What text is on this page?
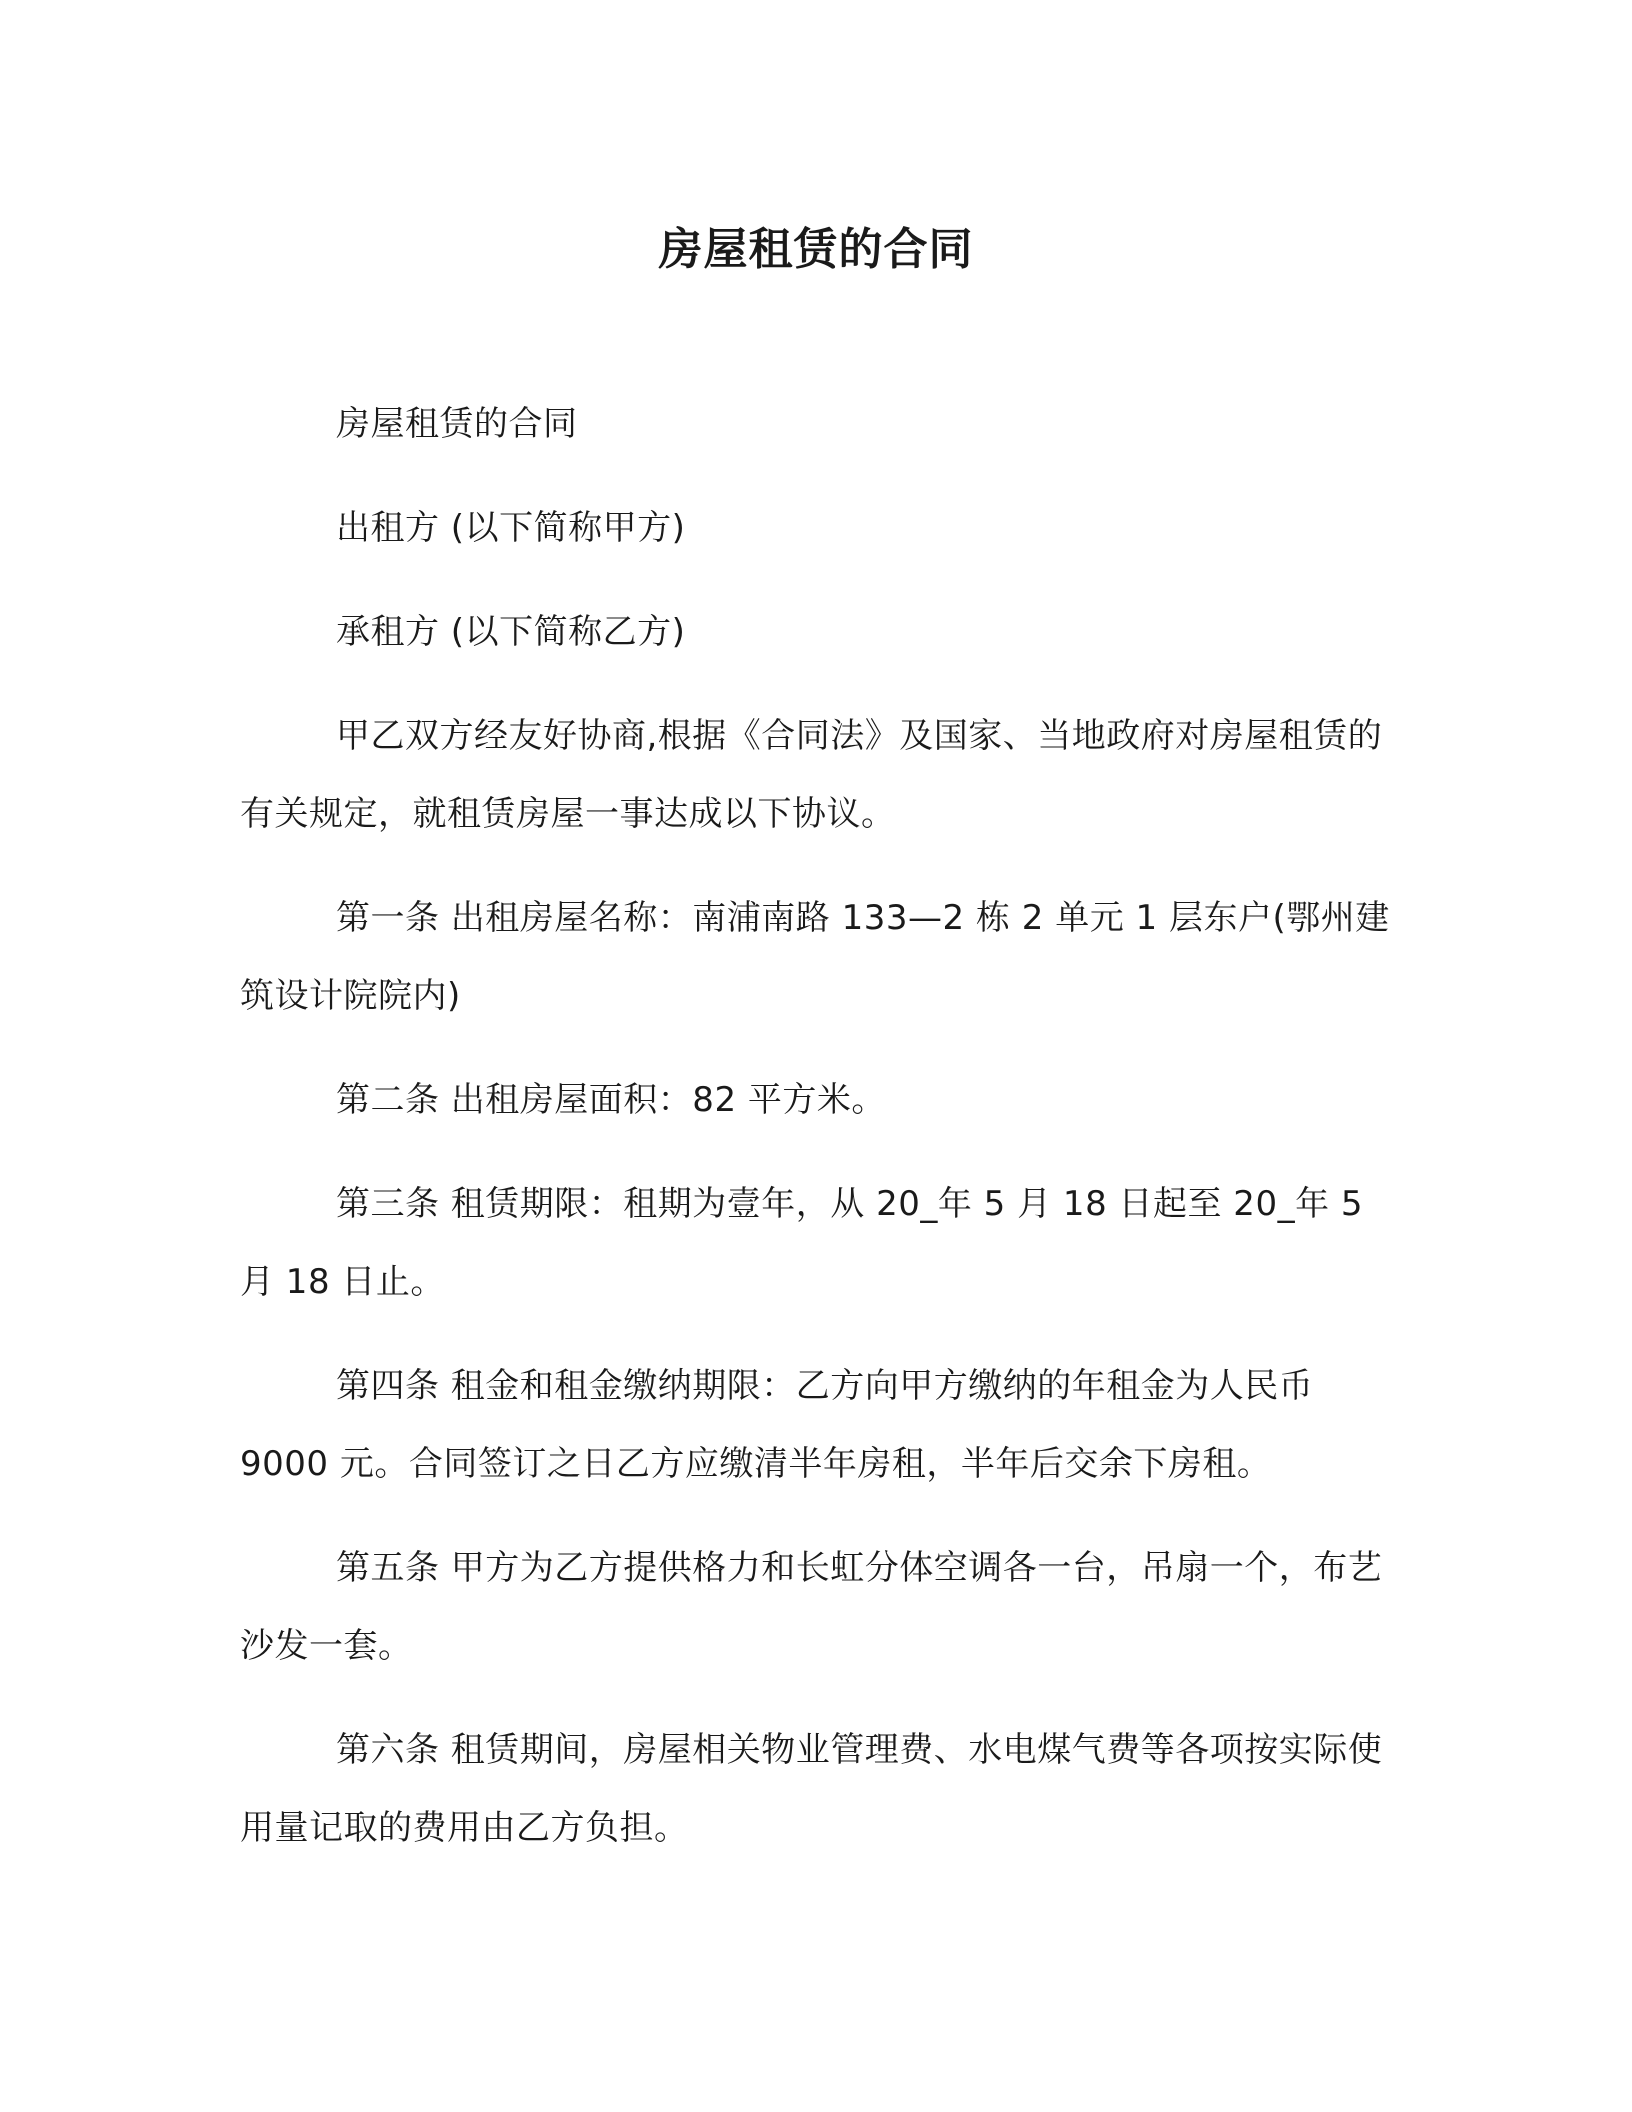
房屋租赁的合同

房屋租赁的合同

出租方 (以下简称甲方)

承租方 (以下简称乙方)

甲乙双方经友好协商,根据《合同法》及国家、当地政府对房屋租赁的有关规定，就租赁房屋一事达成以下协议。

第一条 出租房屋名称：南浦南路 133—2 栋 2 单元 1 层东户(鄂州建筑设计院院内)

第二条 出租房屋面积：82 平方米。

第三条 租赁期限：租期为壹年，从 20_年 5 月 18 日起至 20_年 5 月 18 日止。

第四条 租金和租金缴纳期限：乙方向甲方缴纳的年租金为人民币 9000 元。合同签订之日乙方应缴清半年房租，半年后交余下房租。

第五条 甲方为乙方提供格力和长虹分体空调各一台，吊扇一个，布艺沙发一套。

第六条 租赁期间，房屋相关物业管理费、水电煤气费等各项按实际使用量记取的费用由乙方负担。
